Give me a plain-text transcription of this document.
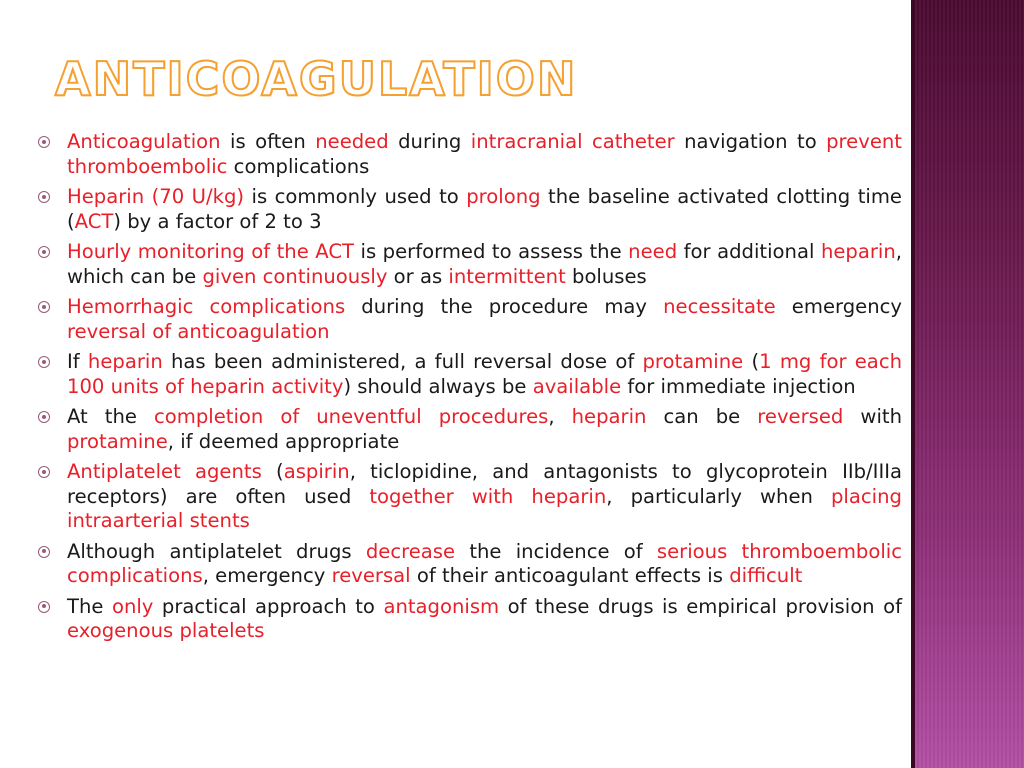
ANTICOAGULATION
Anticoagulation is often needed during intracranial catheter navigation to prevent thromboembolic complications
Heparin (70 U/kg) is commonly used to prolong the baseline activated clotting time (ACT) by a factor of 2 to 3
Hourly monitoring of the ACT is performed to assess the need for additional heparin, which can be given continuously or as intermittent boluses
Hemorrhagic complications during the procedure may necessitate emergency reversal of anticoagulation
If heparin has been administered, a full reversal dose of protamine (1 mg for each 100 units of heparin activity) should always be available for immediate injection
At the completion of uneventful procedures, heparin can be reversed with protamine, if deemed appropriate
Antiplatelet agents (aspirin, ticlopidine, and antagonists to glycoprotein IIb/IIIa receptors) are often used together with heparin, particularly when placing intraarterial stents
Although antiplatelet drugs decrease the incidence of serious thromboembolic complications, emergency reversal of their anticoagulant effects is difficult
The only practical approach to antagonism of these drugs is empirical provision of exogenous platelets
